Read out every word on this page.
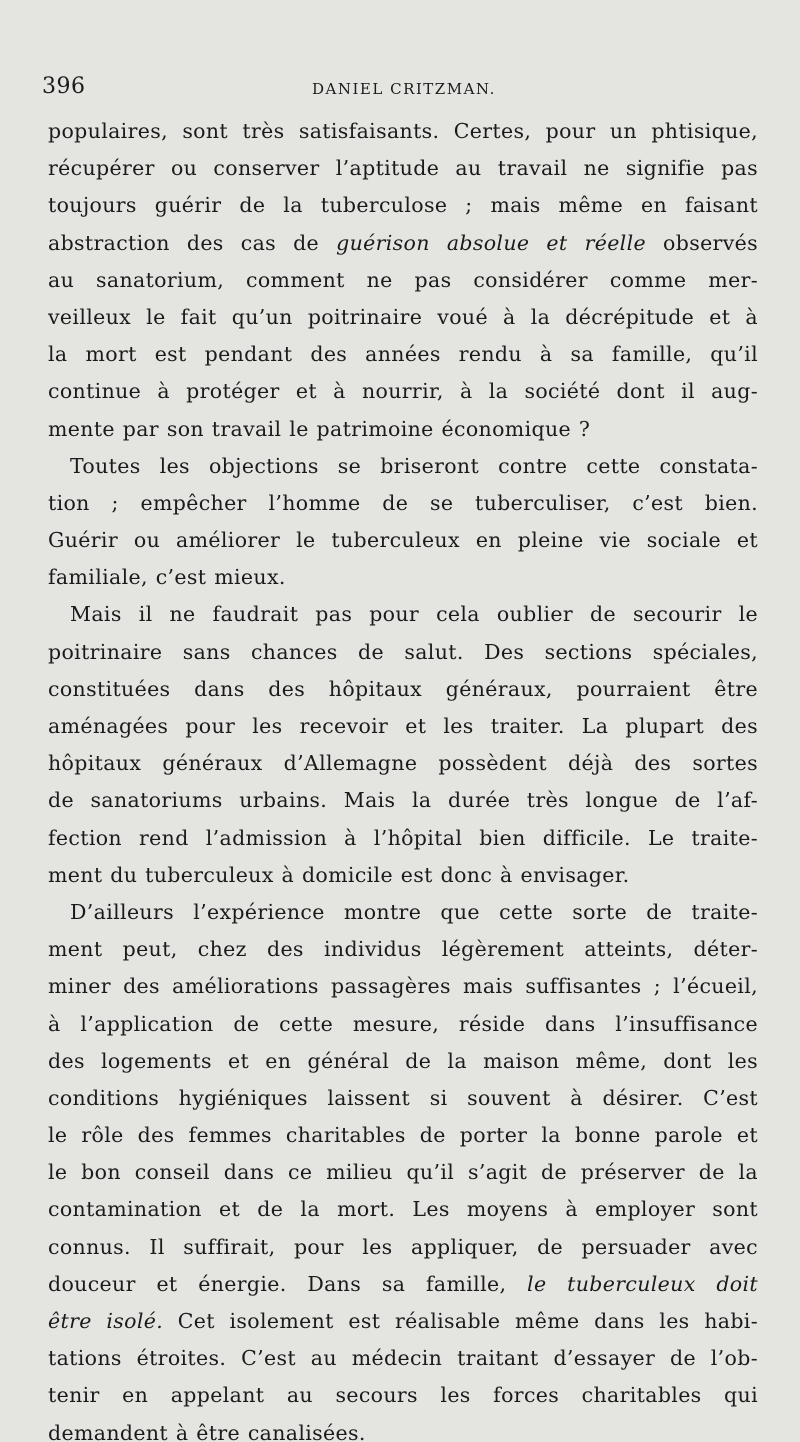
396	DANIEL CRITZMAN.
populaires, sont très satisfaisants. Certes, pour un phtisique,
récupérer ou conserver l’aptitude au travail ne signifie pas
toujours guérir de la tuberculose ; mais même en faisant
abstraction des cas de guérison absolue et réelle observés
au sanatorium, comment ne pas considérer comme mer-
veilleux le fait qu’un poitrinaire voué à la décrépitude et à
la mort est pendant des années rendu à sa famille, qu’il
continue à protéger et à nourrir, à la société dont il aug-
mente par son travail le patrimoine économique ?
Toutes les objections se briseront contre cette constata-
tion ; empêcher l’homme de se tuberculiser, c’est bien.
Guérir ou améliorer le tuberculeux en pleine vie sociale et
familiale, c’est mieux.
Mais il ne faudrait pas pour cela oublier de secourir le
poitrinaire sans chances de salut. Des sections spéciales,
constituées dans des hôpitaux généraux, pourraient être
aménagées pour les recevoir et les traiter. La plupart des
hôpitaux généraux d’Allemagne possèdent déjà des sortes
de sanatoriums urbains. Mais la durée très longue de l’af-
fection rend l’admission à l’hôpital bien difficile. Le traite-
ment du tuberculeux à domicile est donc à envisager.
D’ailleurs l’expérience montre que cette sorte de traite-
ment peut, chez des individus légèrement atteints, déter-
miner des améliorations passagères mais suffisantes ; l’écueil,
à l’application de cette mesure, réside dans l’insuffisance
des logements et en général de la maison même, dont les
conditions hygiéniques laissent si souvent à désirer. C’est
le rôle des femmes charitables de porter la bonne parole et
le bon conseil dans ce milieu qu’il s’agit de préserver de la
contamination et de la mort. Les moyens à employer sont
connus. Il suffirait, pour les appliquer, de persuader avec
douceur et énergie. Dans sa famille, le tuberculeux doit
être isolé. Cet isolement est réalisable même dans les habi-
tations étroites. C’est au médecin traitant d’essayer de l’ob-
tenir en appelant au secours les forces charitables qui
demandent à être canalisées.
